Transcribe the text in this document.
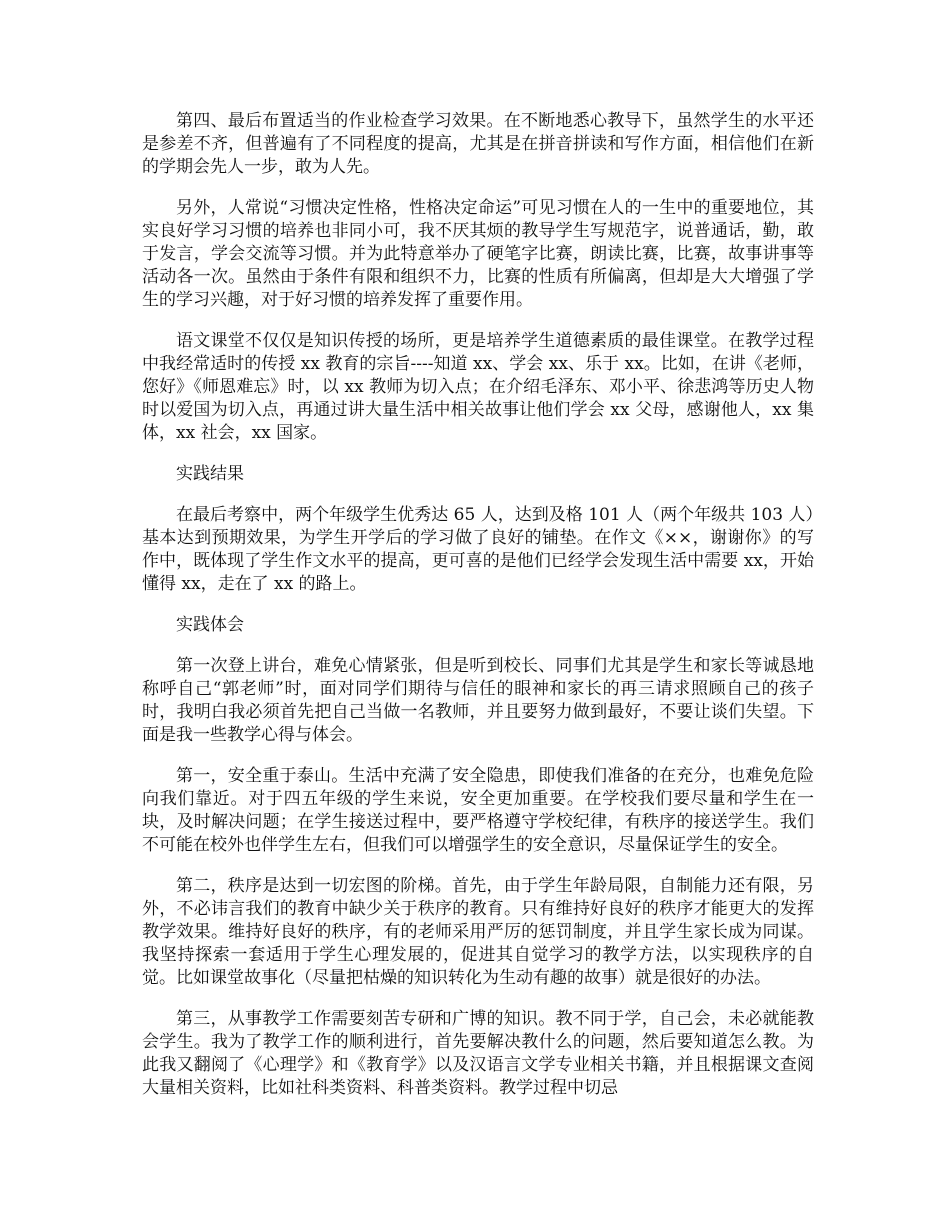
第四、最后布置适当的作业检查学习效果。在不断地悉心教导下，虽然学生的水平还是参差不齐，但普遍有了不同程度的提高，尤其是在拼音拼读和写作方面，相信他们在新的学期会先人一步，敢为人先。

另外，人常说“习惯决定性格，性格决定命运”可见习惯在人的一生中的重要地位，其实良好学习习惯的培养也非同小可，我不厌其烦的教导学生写规范字，说普通话，勤，敢于发言，学会交流等习惯。并为此特意举办了硬笔字比赛，朗读比赛，比赛，故事讲事等活动各一次。虽然由于条件有限和组织不力，比赛的性质有所偏离，但却是大大增强了学生的学习兴趣，对于好习惯的培养发挥了重要作用。

语文课堂不仅仅是知识传授的场所，更是培养学生道德素质的最佳课堂。在教学过程中我经常适时的传授 xx 教育的宗旨----知道 xx、学会 xx、乐于 xx。比如，在讲《老师，您好》《师恩难忘》时，以 xx 教师为切入点；在介绍毛泽东、邓小平、徐悲鸿等历史人物时以爱国为切入点，再通过讲大量生活中相关故事让他们学会 xx 父母，感谢他人，xx 集体，xx 社会，xx 国家。

实践结果

在最后考察中，两个年级学生优秀达 65 人，达到及格 101 人（两个年级共 103 人）基本达到预期效果，为学生开学后的学习做了良好的铺垫。在作文《××，谢谢你》的写作中，既体现了学生作文水平的提高，更可喜的是他们已经学会发现生活中需要 xx，开始懂得 xx，走在了 xx 的路上。

实践体会

第一次登上讲台，难免心情紧张，但是听到校长、同事们尤其是学生和家长等诚恳地称呼自己“郭老师”时，面对同学们期待与信任的眼神和家长的再三请求照顾自己的孩子时，我明白我必须首先把自己当做一名教师，并且要努力做到最好，不要让谈们失望。下面是我一些教学心得与体会。

第一，安全重于泰山。生活中充满了安全隐患，即使我们准备的在充分，也难免危险向我们靠近。对于四五年级的学生来说，安全更加重要。在学校我们要尽量和学生在一块，及时解决问题；在学生接送过程中，要严格遵守学校纪律，有秩序的接送学生。我们不可能在校外也伴学生左右，但我们可以增强学生的安全意识，尽量保证学生的安全。

第二，秩序是达到一切宏图的阶梯。首先，由于学生年龄局限，自制能力还有限，另外，不必讳言我们的教育中缺少关于秩序的教育。只有维持好良好的秩序才能更大的发挥教学效果。维持好良好的秩序，有的老师采用严厉的惩罚制度，并且学生家长成为同谋。我坚持探索一套适用于学生心理发展的，促进其自觉学习的教学方法，以实现秩序的自觉。比如课堂故事化（尽量把枯燥的知识转化为生动有趣的故事）就是很好的办法。

第三，从事教学工作需要刻苦专研和广博的知识。教不同于学，自己会，未必就能教会学生。我为了教学工作的顺利进行，首先要解决教什么的问题，然后要知道怎么教。为此我又翻阅了《心理学》和《教育学》以及汉语言文学专业相关书籍，并且根据课文查阅大量相关资料，比如社科类资料、科普类资料。教学过程中切忌
